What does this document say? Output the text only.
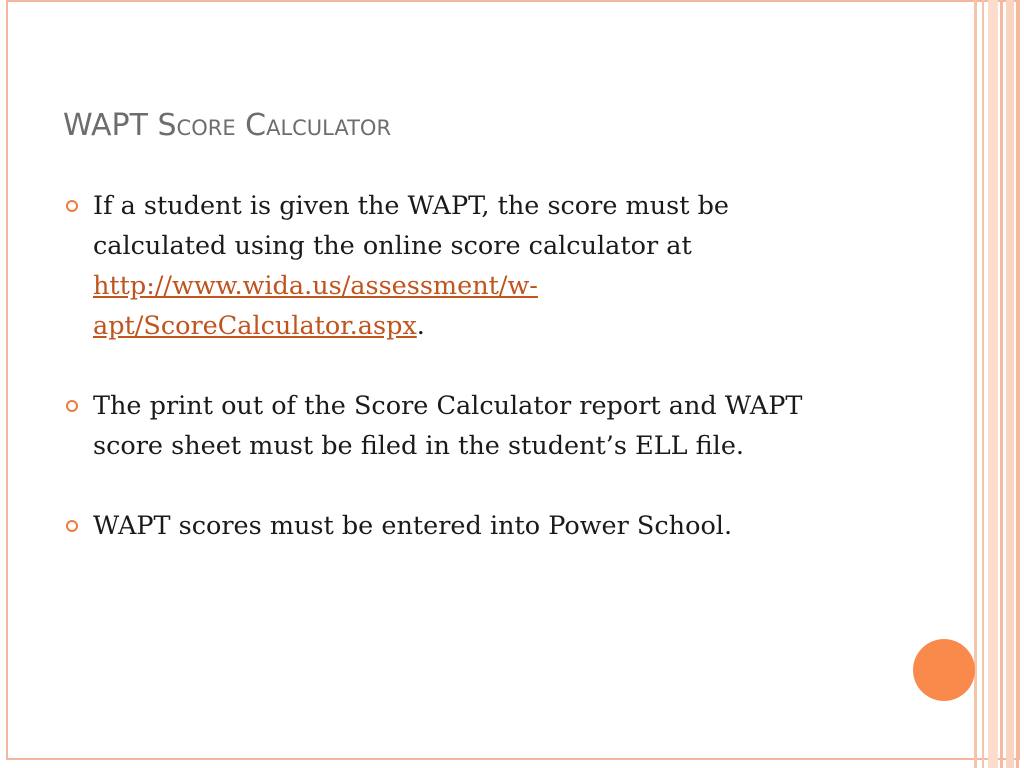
WAPT Score Calculator
If a student is given the WAPT, the score must be calculated using the online score calculator at
http://www.wida.us/assessment/w-
apt/ScoreCalculator.aspx.
The print out of the Score Calculator report and WAPT score sheet must be filed in the student’s ELL file.
WAPT scores must be entered into Power School.
